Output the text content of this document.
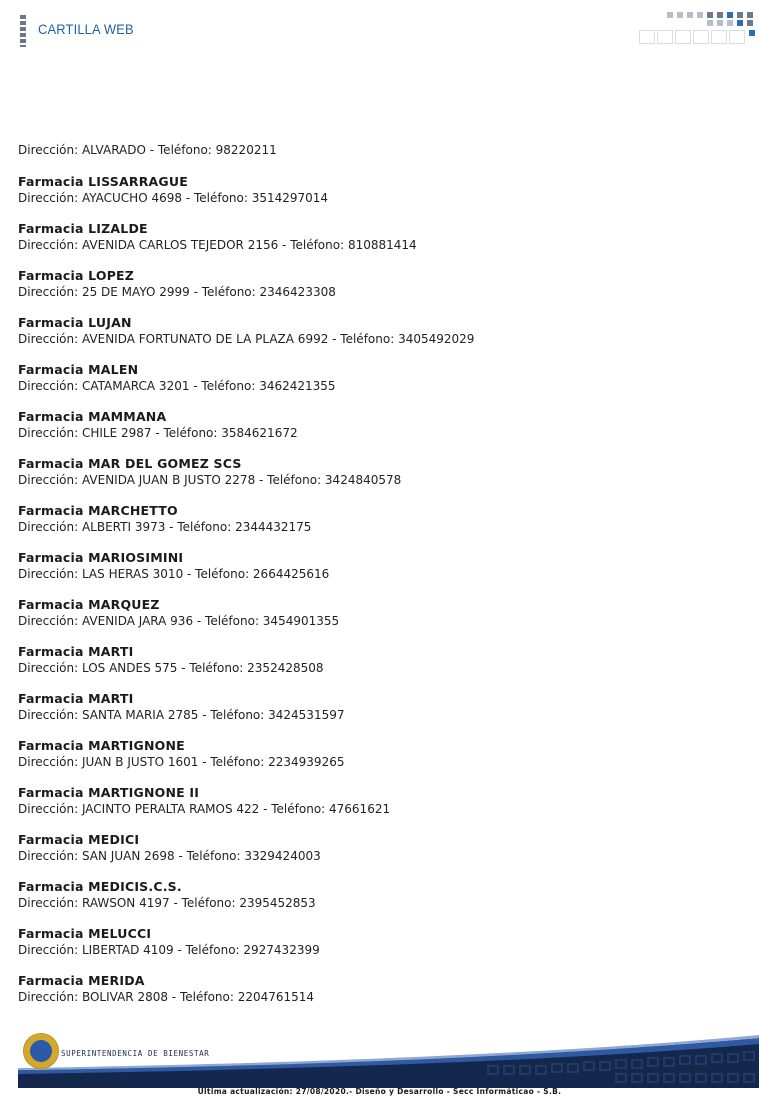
CARTILLA WEB
Dirección: ALVARADO - Teléfono: 98220211
Farmacia LISSARRAGUE
Dirección: AYACUCHO 4698 - Teléfono: 3514297014
Farmacia LIZALDE
Dirección: AVENIDA CARLOS TEJEDOR 2156 - Teléfono: 810881414
Farmacia LOPEZ
Dirección: 25 DE MAYO 2999 - Teléfono: 2346423308
Farmacia LUJAN
Dirección: AVENIDA FORTUNATO DE LA PLAZA 6992 - Teléfono: 3405492029
Farmacia MALEN
Dirección: CATAMARCA 3201 - Teléfono: 3462421355
Farmacia MAMMANA
Dirección: CHILE 2987 - Teléfono: 3584621672
Farmacia MAR DEL GOMEZ SCS
Dirección: AVENIDA JUAN B JUSTO 2278 - Teléfono: 3424840578
Farmacia MARCHETTO
Dirección: ALBERTI 3973 - Teléfono: 2344432175
Farmacia MARIOSIMINI
Dirección: LAS HERAS 3010 - Teléfono: 2664425616
Farmacia MARQUEZ
Dirección: AVENIDA JARA 936 - Teléfono: 3454901355
Farmacia MARTI
Dirección: LOS ANDES 575 - Teléfono: 2352428508
Farmacia MARTI
Dirección: SANTA MARIA 2785 - Teléfono: 3424531597
Farmacia MARTIGNONE
Dirección: JUAN B JUSTO 1601 - Teléfono: 2234939265
Farmacia MARTIGNONE II
Dirección: JACINTO PERALTA RAMOS 422 - Teléfono: 47661621
Farmacia MEDICI
Dirección: SAN JUAN 2698 - Teléfono: 3329424003
Farmacia MEDICIS.C.S.
Dirección: RAWSON 4197 - Teléfono: 2395452853
Farmacia MELUCCI
Dirección: LIBERTAD 4109 - Teléfono: 2927432399
Farmacia MERIDA
Dirección: BOLIVAR 2808 - Teléfono: 2204761514
SUPERINTENDENCIA DE BIENESTAR
Última actualización: 27/08/2020.- Diseño y Desarrollo - Secc Informáticao - S.B.
